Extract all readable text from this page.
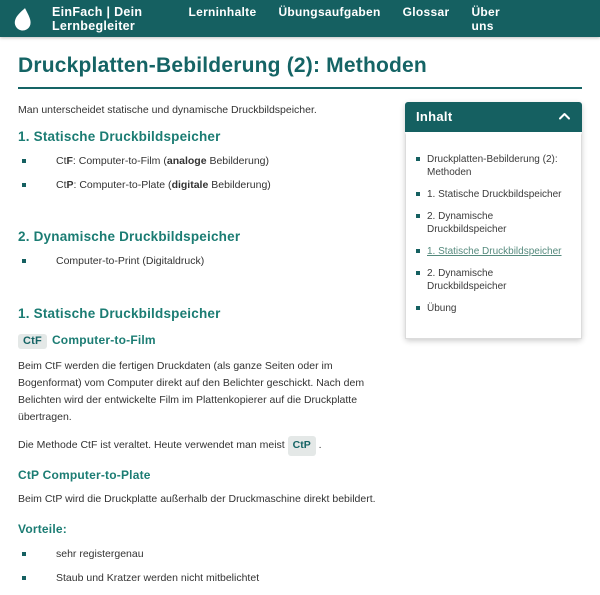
EinFach | Dein Lernbegleiter
Lerninhalte Übungsaufgaben Glossar Über uns
Druckplatten-Bebilderung (2): Methoden

Man unterscheidet statische und dynamische Druckbildspeicher.

1. Statische Druckbildspeicher
CtF: Computer-to-Film (analoge Bebilderung)
CtP: Computer-to-Plate (digitale Bebilderung)
2. Dynamische Druckbildspeicher
Computer-to-Print (Digitaldruck)
1. Statische Druckbildspeicher
CtF Computer-to-Film

Beim CtF werden die fertigen Druckdaten (als ganze Seiten oder im Bogenformat) vom Computer direkt auf den Belichter geschickt. Nach dem Belichten wird der entwickelte Film im Plattenkopierer auf die Druckplatte übertragen.

Die Methode CtF ist veraltet. Heute verwendet man meist CtP .

CtP Computer-to-Plate

Beim CtP wird die Druckplatte außerhalb der Druckmaschine direkt bebildert.

Vorteile:
sehr registergenau
Staub und Kratzer werden nicht mitbelichtet
Inhalt
Druckplatten-Bebilderung (2): Methoden
1. Statische Druckbildspeicher
2. Dynamische Druckbildspeicher
1. Statische Druckbildspeicher
2. Dynamische Druckbildspeicher
Übung
